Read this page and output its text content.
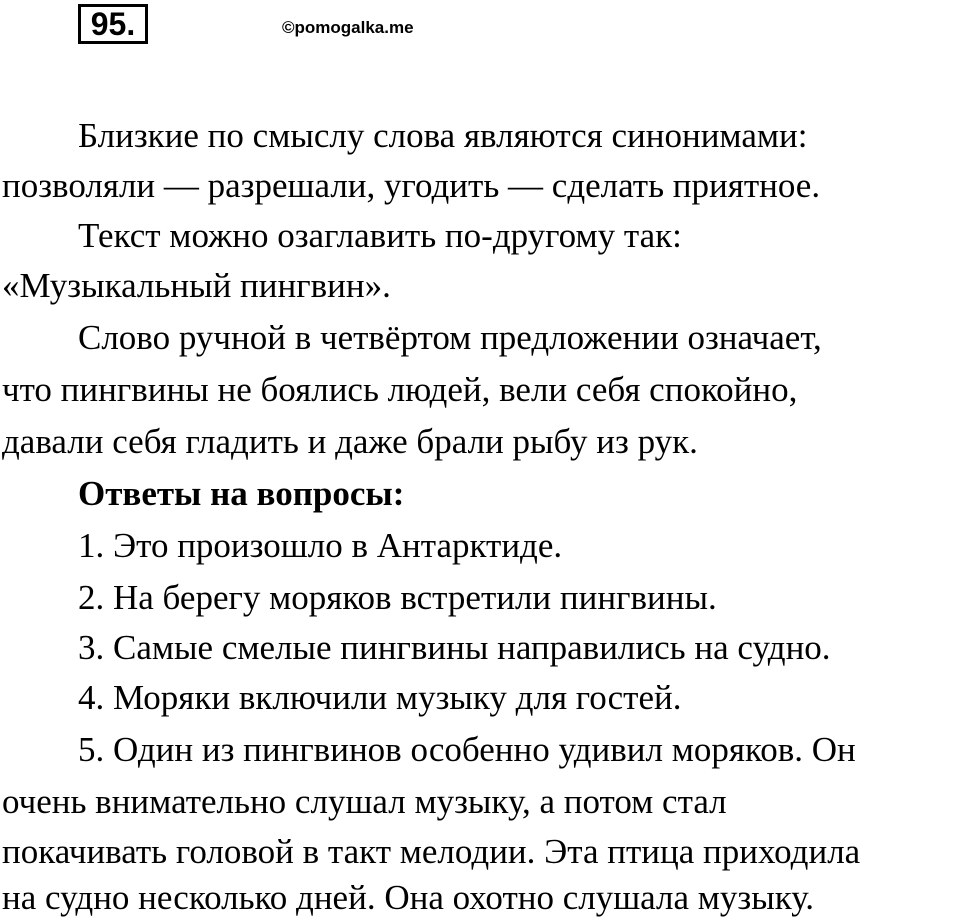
95.	©pomogalka.me
Близкие по смыслу слова являются синонимами:
позволяли — разрешали, угодить — сделать приятное.
Текст можно озаглавить по-другому так:
«Музыкальный пингвин».
Слово ручной в четвёртом предложении означает,
что пингвины не боялись людей, вели себя спокойно,
давали себя гладить и даже брали рыбу из рук.
Ответы на вопросы:
1. Это произошло в Антарктиде.
2. На берегу моряков встретили пингвины.
3. Самые смелые пингвины направились на судно.
4. Моряки включили музыку для гостей.
5. Один из пингвинов особенно удивил моряков. Он
очень внимательно слушал музыку, а потом стал
покачивать головой в такт мелодии. Эта птица приходила
на судно несколько дней. Она охотно слушала музыку.
